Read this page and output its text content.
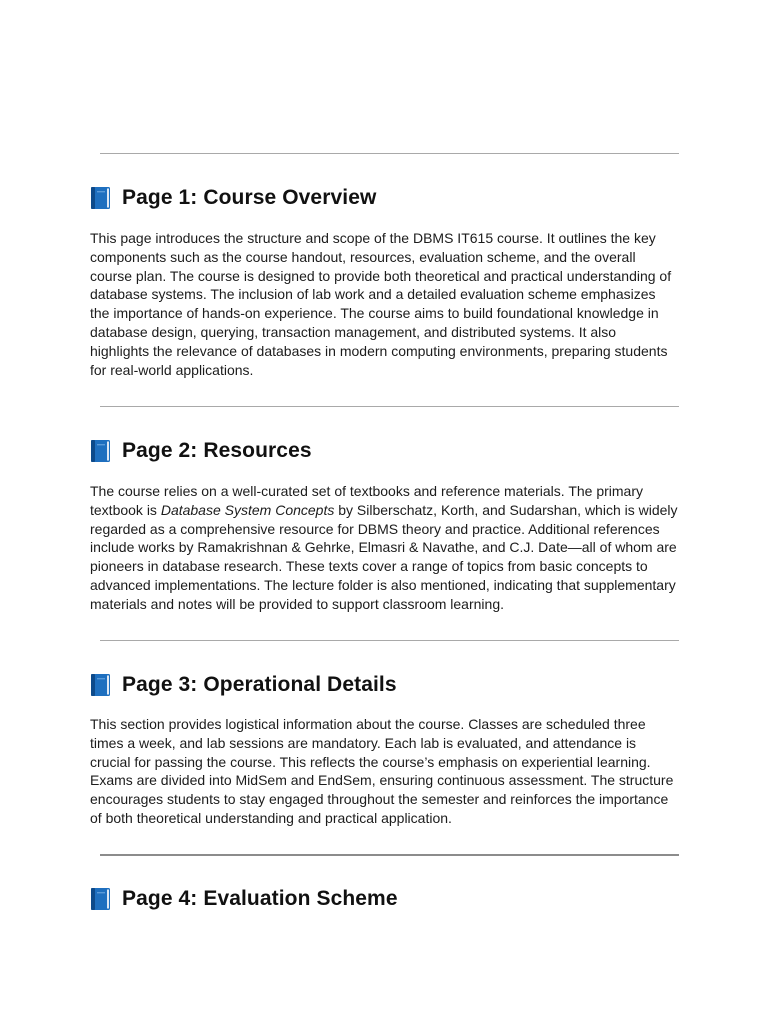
Page 1: Course Overview

This page introduces the structure and scope of the DBMS IT615 course. It outlines the key components such as the course handout, resources, evaluation scheme, and the overall course plan. The course is designed to provide both theoretical and practical understanding of database systems. The inclusion of lab work and a detailed evaluation scheme emphasizes the importance of hands-on experience. The course aims to build foundational knowledge in database design, querying, transaction management, and distributed systems. It also highlights the relevance of databases in modern computing environments, preparing students for real-world applications.

Page 2: Resources

The course relies on a well-curated set of textbooks and reference materials. The primary textbook is Database System Concepts by Silberschatz, Korth, and Sudarshan, which is widely regarded as a comprehensive resource for DBMS theory and practice. Additional references include works by Ramakrishnan & Gehrke, Elmasri & Navathe, and C.J. Date—all of whom are pioneers in database research. These texts cover a range of topics from basic concepts to advanced implementations. The lecture folder is also mentioned, indicating that supplementary materials and notes will be provided to support classroom learning.

Page 3: Operational Details

This section provides logistical information about the course. Classes are scheduled three times a week, and lab sessions are mandatory. Each lab is evaluated, and attendance is crucial for passing the course. This reflects the course’s emphasis on experiential learning. Exams are divided into MidSem and EndSem, ensuring continuous assessment. The structure encourages students to stay engaged throughout the semester and reinforces the importance of both theoretical understanding and practical application.

Page 4: Evaluation Scheme
